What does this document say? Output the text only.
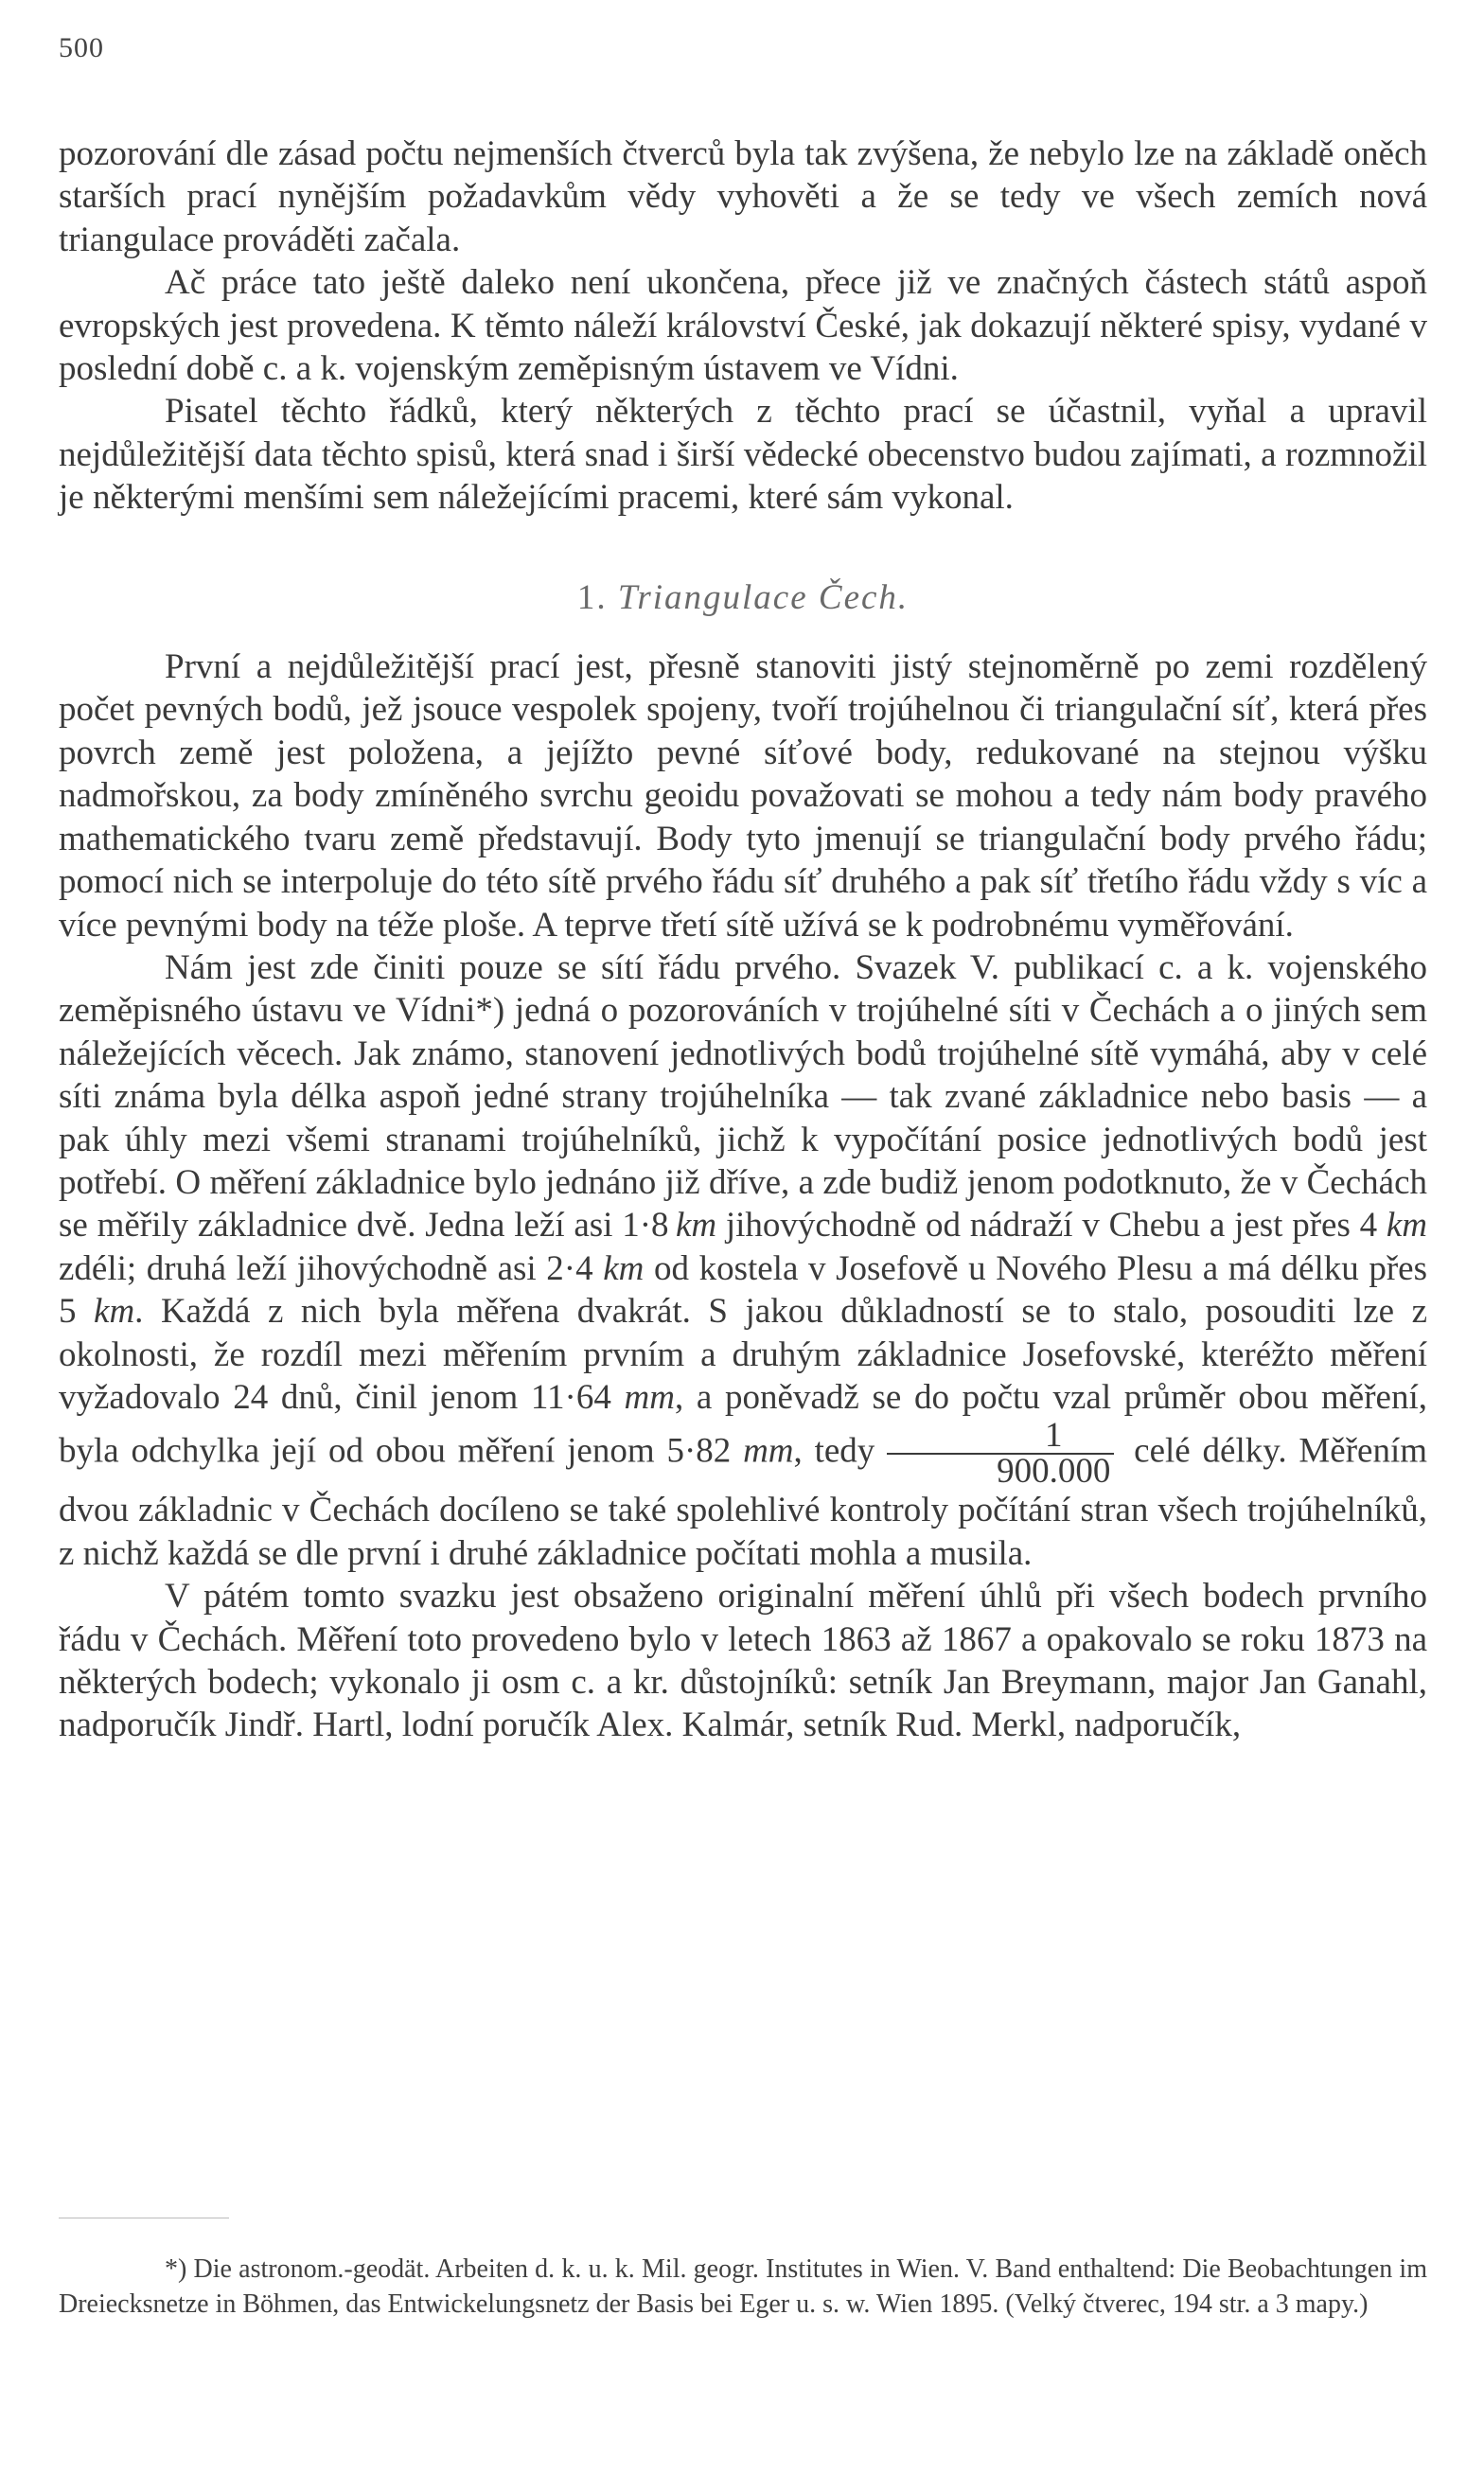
500

pozorování dle zásad počtu nejmenších čtverců byla tak zvýšena, že nebylo lze na základě oněch starších prací nynějším požadavkům vědy vyhověti a že se tedy ve všech zemích nová triangulace prováděti začala.

Ač práce tato ještě daleko není ukončena, přece již ve značných částech států aspoň evropských jest provedena. K těmto náleží království České, jak dokazují některé spisy, vydané v poslední době c. a k. vojenským zeměpisným ústavem ve Vídni.

Pisatel těchto řádků, který některých z těchto prací se účastnil, vyňal a upravil nejdůležitější data těchto spisů, která snad i širší vědecké obecenstvo budou zajímati, a rozmnožil je některými menšími sem náležejícími pracemi, které sám vykonal.

1. Triangulace Čech.

První a nejdůležitější prací jest, přesně stanoviti jistý stejnoměrně po zemi rozdělený počet pevných bodů, jež jsouce vespolek spojeny, tvoří trojúhelnou či triangulační síť, která přes povrch země jest položena, a jejížto pevné síťové body, redukované na stejnou výšku nadmořskou, za body zmíněného svrchu geoidu považovati se mohou a tedy nám body pravého mathematického tvaru země představují. Body tyto jmenují se triangulační body prvého řádu; pomocí nich se interpoluje do této sítě prvého řádu síť druhého a pak síť třetího řádu vždy s víc a více pevnými body na téže ploše. A teprve třetí sítě užívá se k podrobnému vyměřování.

Nám jest zde činiti pouze se sítí řádu prvého. Svazek V. publikací c. a k. vojenského zeměpisného ústavu ve Vídni*) jedná o pozorováních v trojúhelné síti v Čechách a o jiných sem náležejících věcech. Jak známo, stanovení jednotlivých bodů trojúhelné sítě vymáhá, aby v celé síti známa byla délka aspoň jedné strany trojúhelníka — tak zvané základnice nebo basis — a pak úhly mezi všemi stranami trojúhelníků, jichž k vypočítání posice jednotlivých bodů jest potřebí. O měření základnice bylo jednáno již dříve, a zde budiž jenom podotknuto, že v Čechách se měřily základnice dvě. Jedna leží asi 1·8  km jihovýchodně od nádraží v Chebu a jest přes 4 km zdéli; druhá leží jihovýchodně asi 2·4 km od kostela v Josefově u Nového Plesu a má délku přes 5 km. Každá z nich byla měřena dvakrát. S jakou důkladností se to stalo, posouditi lze z okolnosti, že rozdíl mezi měřením prvním a druhým základnice Josefovské, kteréžto měření vyžadovalo 24 dnů, činil jenom 11·64 mm, a poněvadž se do počtu vzal průměr obou měření, byla odchylka její od obou měření jenom 5·82 mm, tedy $\frac{1}{900.000}$ celé délky. Měřením dvou základnic v Čechách docíleno se také spolehlivé kontroly počítání stran všech trojúhelníků, z nichž každá se dle první i druhé základnice počítati mohla a musila.

V pátém tomto svazku jest obsaženo originalní měření úhlů při všech bodech prvního řádu v Čechách. Měření toto provedeno bylo v letech 1863 až 1867 a opakovalo se roku 1873 na některých bodech; vykonalo ji osm c. a kr. důstojníků: setník Jan Breymann, major Jan Ganahl, nadporučík Jindř. Hartl, lodní poručík Alex. Kalmár, setník Rud. Merkl, nadporučík,

*) Die astronom.-geodät. Arbeiten d. k. u. k. Mil. geogr. Institutes in Wien. V. Band enthaltend: Die Beobachtungen im Dreiecksnetze in Böhmen, das Entwickelungsnetz der Basis bei Eger u. s. w. Wien 1895. (Velký čtverec, 194 str. a 3 mapy.)
